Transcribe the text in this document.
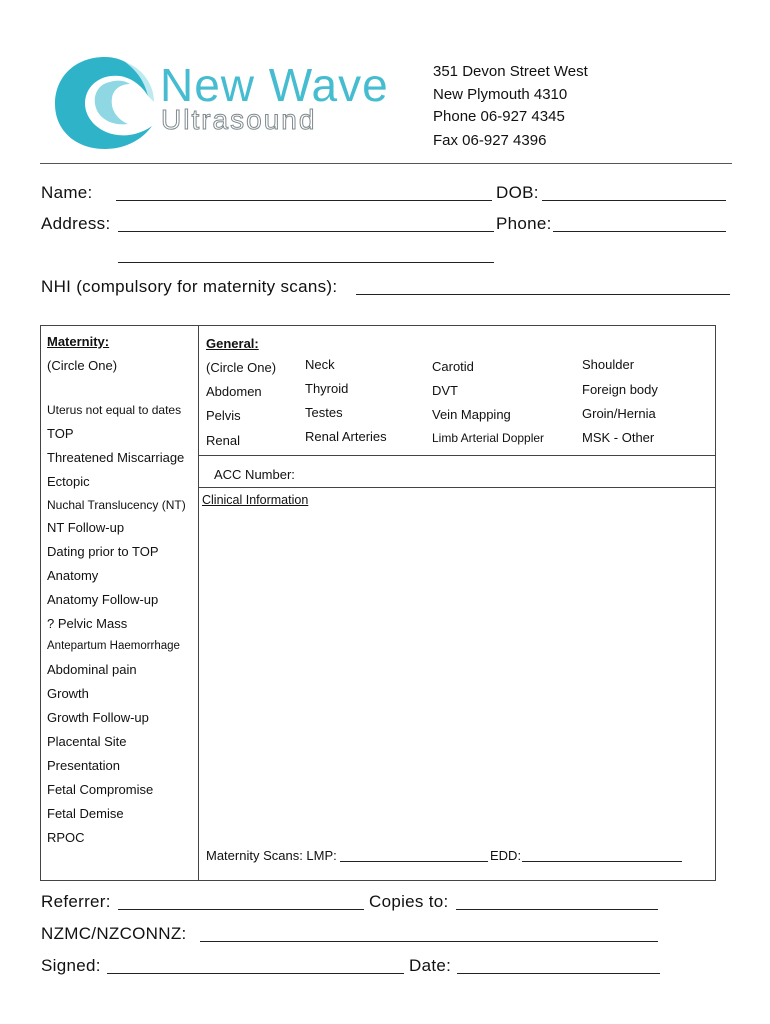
New Wave
Ultrasound
351 Devon Street West
New Plymouth 4310
Phone 06-927 4345
Fax 06-927 4396
Name:	DOB:
Address:	Phone:
NHI (compulsory for maternity scans):
Maternity:
(Circle One)
Uterus not equal to dates
TOP
Threatened Miscarriage
Ectopic
Nuchal Translucency (NT)
NT Follow-up
Dating prior to TOP
Anatomy
Anatomy Follow-up
? Pelvic Mass
Antepartum Haemorrhage
Abdominal pain
Growth
Growth Follow-up
Placental Site
Presentation
Fetal Compromise
Fetal Demise
RPOC
General:
(Circle One)
Abdomen
Pelvis
Renal
Neck
Thyroid
Testes
Renal Arteries
Carotid
DVT
Vein Mapping
Limb Arterial Doppler
Shoulder
Foreign body
Groin/Hernia
MSK - Other
ACC Number:
Clinical Information
Maternity Scans: LMP:	EDD:
Referrer:	Copies to:
NZMC/NZCONNZ:
Signed:	Date:
